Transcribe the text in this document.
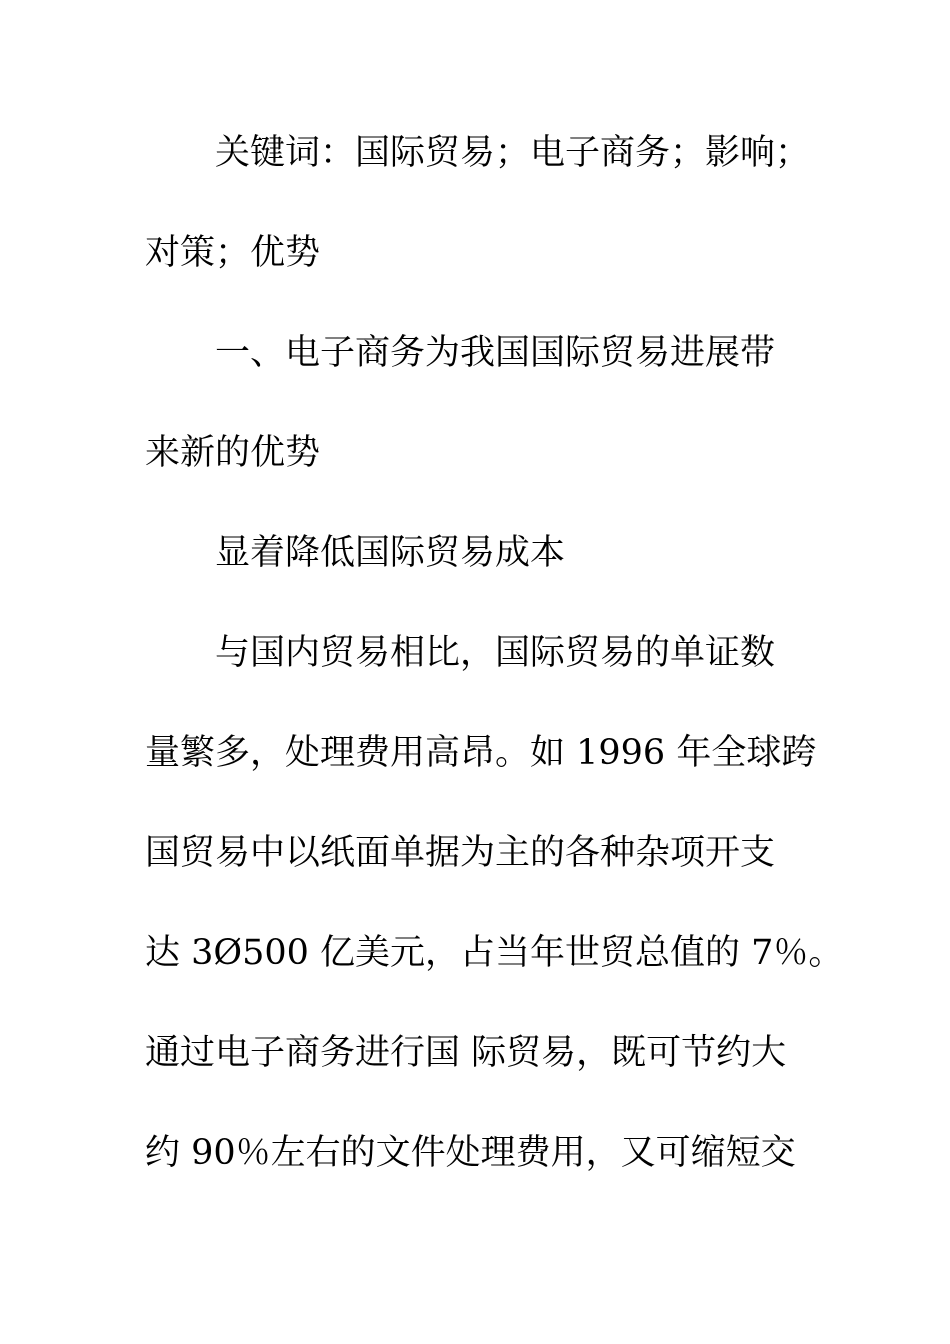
关键词：国际贸易；电子商务；影响；
对策；优势
一、电子商务为我国国际贸易进展带
来新的优势
显着降低国际贸易成本
与国内贸易相比，国际贸易的单证数
量繁多，处理费用高昂。如 1996 年全球跨
国贸易中以纸面单据为主的各种杂项开支
达 3Ø500 亿美元，占当年世贸总值的 7％。
通过电子商务进行国 际贸易，既可节约大
约 90％左右的文件处理费用，又可缩短交
